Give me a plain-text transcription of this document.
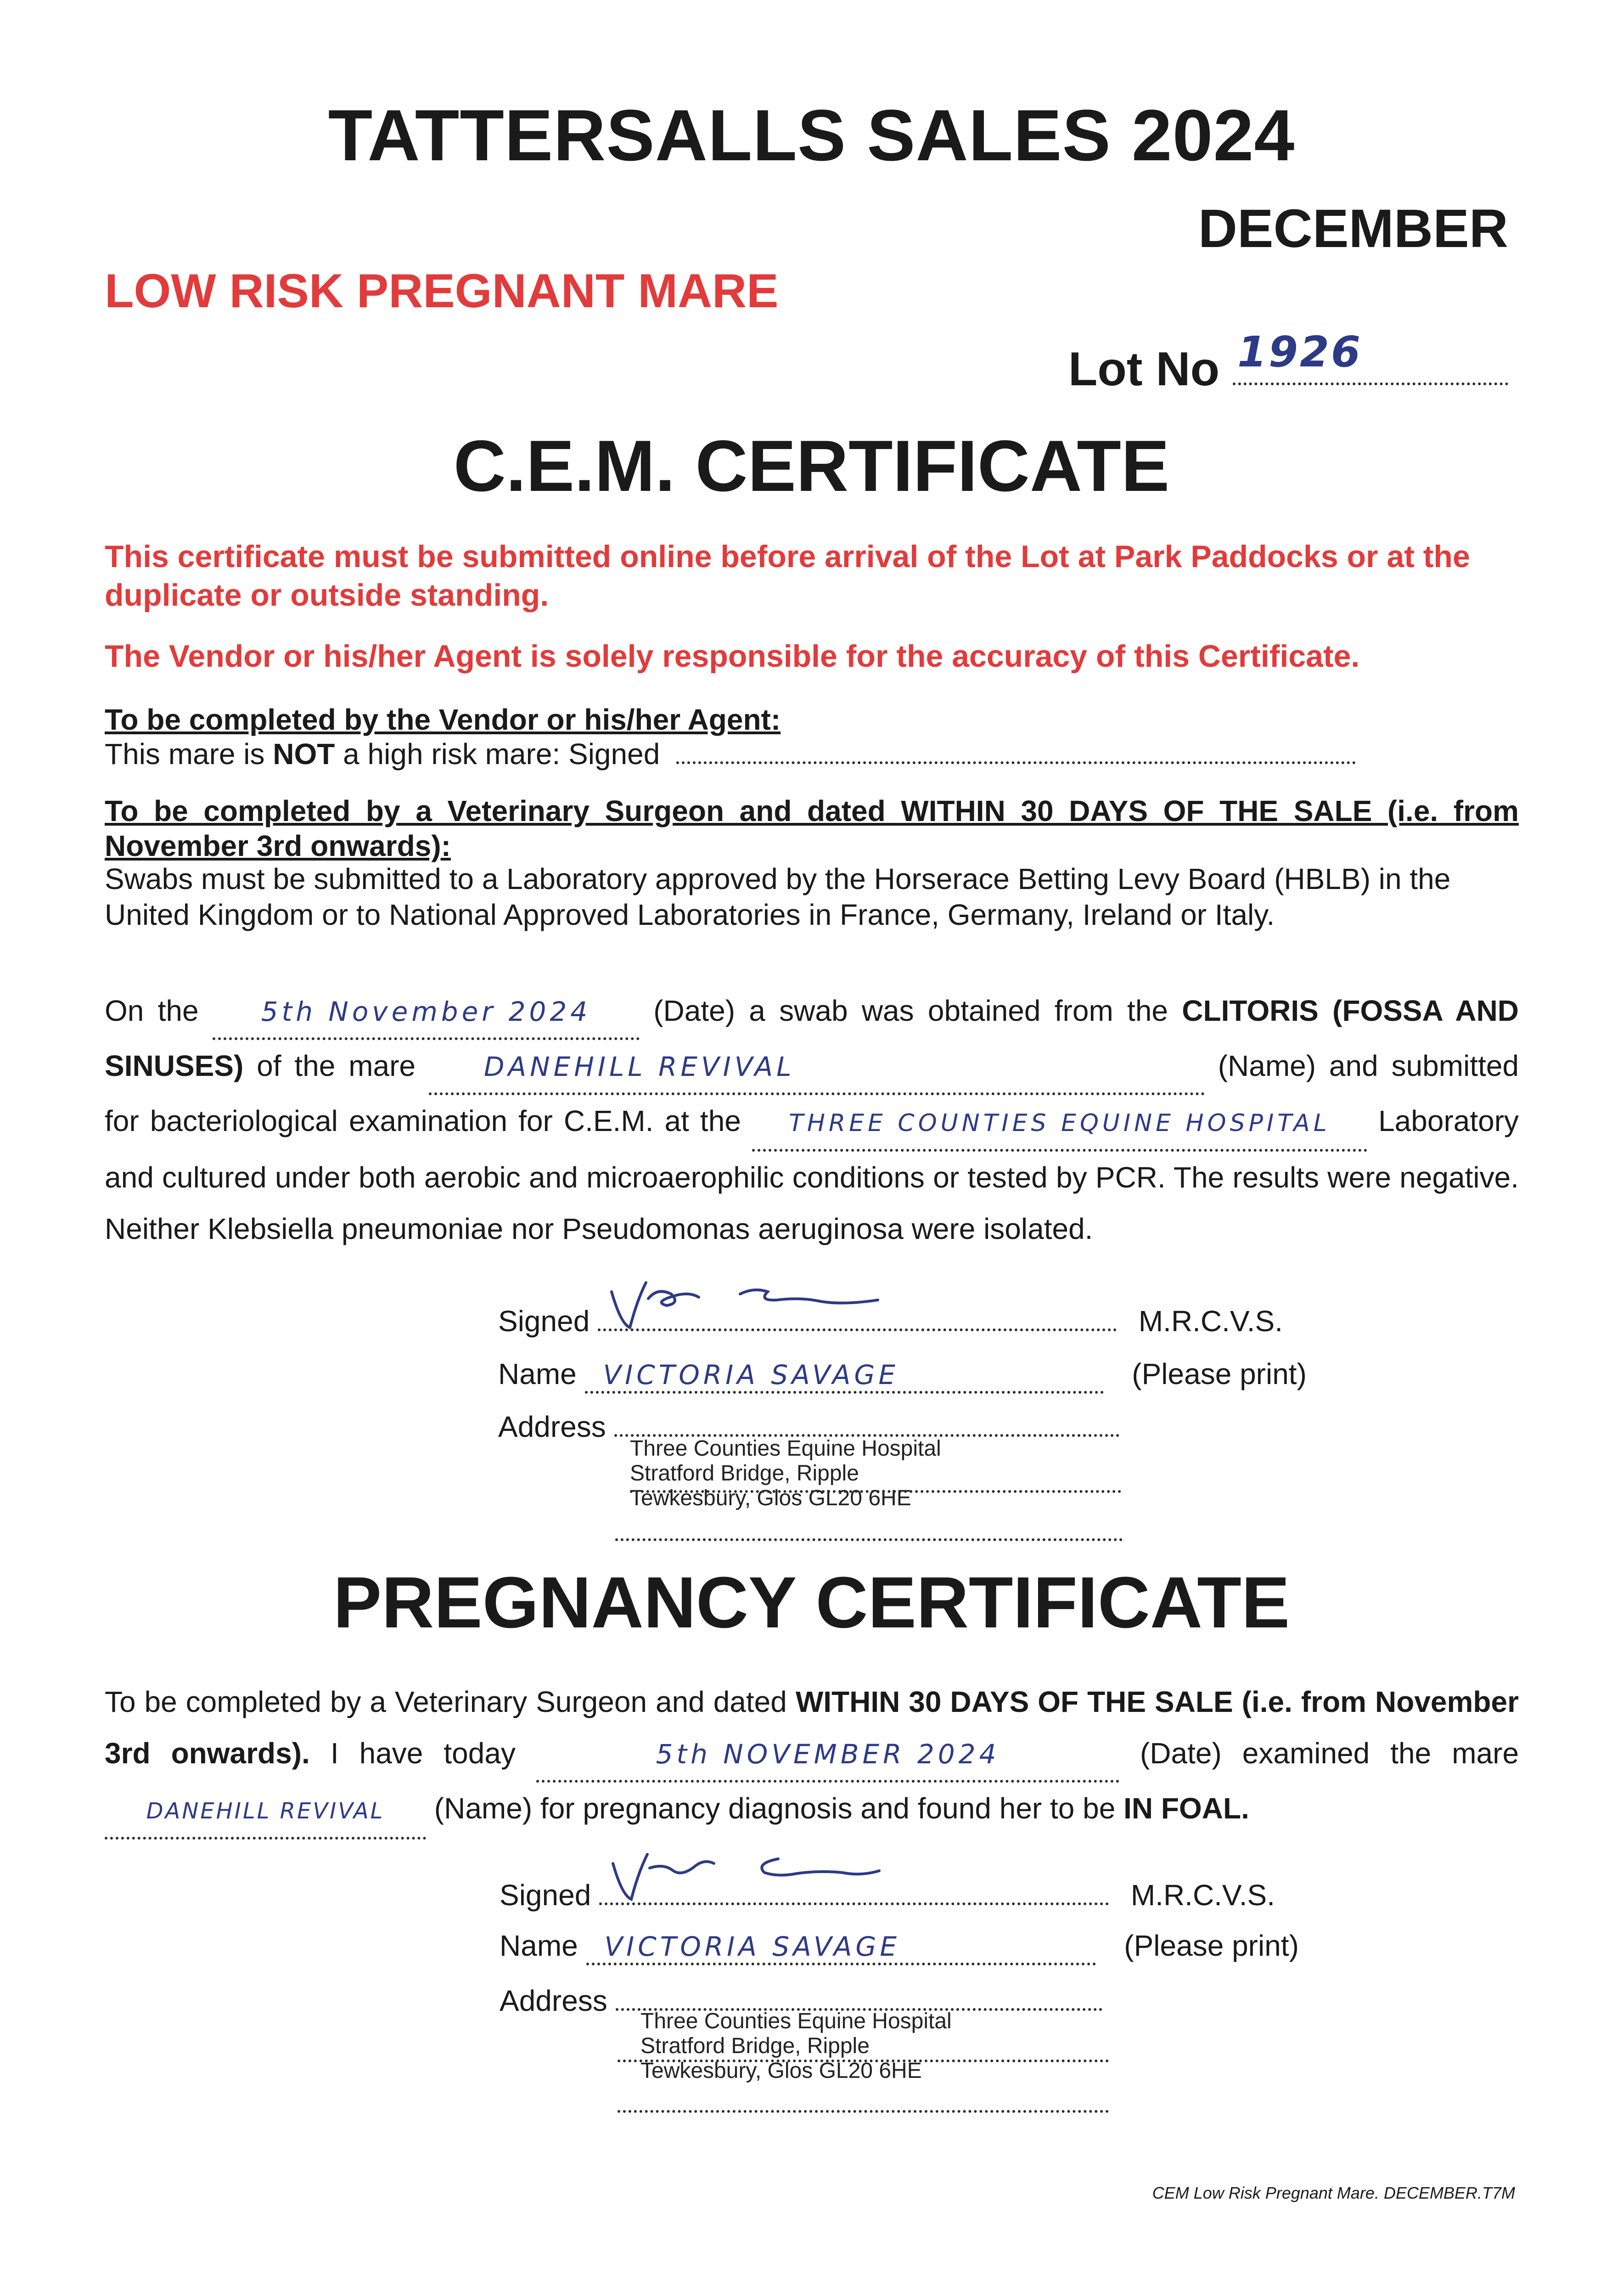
TATTERSALLS SALES 2024
DECEMBER
LOW RISK PREGNANT MARE
Lot No 1926
C.E.M. CERTIFICATE
This certificate must be submitted online before arrival of the Lot at Park Paddocks or at the duplicate or outside standing.
The Vendor or his/her Agent is solely responsible for the accuracy of this Certificate.
To be completed by the Vendor or his/her Agent:
This mare is NOT a high risk mare: Signed
To be completed by a Veterinary Surgeon and dated WITHIN 30 DAYS OF THE SALE (i.e. from November 3rd onwards):
Swabs must be submitted to a Laboratory approved by the Horserace Betting Levy Board (HBLB) in the United Kingdom or to National Approved Laboratories in France, Germany, Ireland or Italy.
On the 5th November 2024 (Date) a swab was obtained from the CLITORIS (FOSSA AND SINUSES) of the mare	DANEHILL REVIVAL	(Name) and submitted for bacteriological examination for C.E.M. at the THREE COUNTIES EQUINE HOSPITAL Laboratory and cultured under both aerobic and microaerophilic conditions or tested by PCR. The results were negative. Neither Klebsiella pneumoniae nor Pseudomonas aeruginosa were isolated.
Signed	M.R.C.V.S.
Name VICTORIA SAVAGE	(Please print)
Address
Three Counties Equine Hospital
Stratford Bridge, Ripple
Tewkesbury, Glos GL20 6HE
PREGNANCY CERTIFICATE
To be completed by a Veterinary Surgeon and dated WITHIN 30 DAYS OF THE SALE (i.e. from November 3rd onwards). I have today	5th NOVEMBER 2024	(Date) examined the mare DANEHILL REVIVAL (Name) for pregnancy diagnosis and found her to be IN FOAL.
Signed	M.R.C.V.S.
Name VICTORIA SAVAGE	(Please print)
Address
Three Counties Equine Hospital
Stratford Bridge, Ripple
Tewkesbury, Glos GL20 6HE
CEM Low Risk Pregnant Mare. DECEMBER.T7M
